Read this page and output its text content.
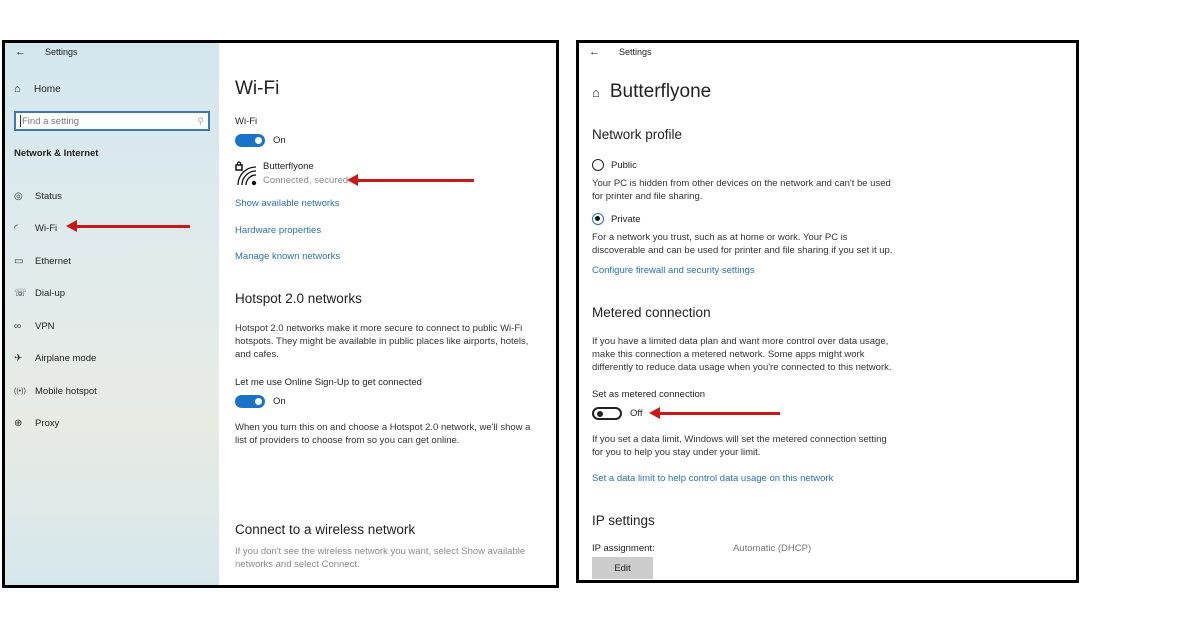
←	Settings
⌂	Home
Find a setting
⚲
Network & Internet
◎	Status
◜	Wi-Fi
▭	Ethernet
☏ Dial-up
∞	VPN
✈	Airplane mode
((•)) Mobile hotspot
⊕	Proxy
Wi-Fi
Wi-Fi
On
Butterflyone
Connected, secured
Show available networks
Hardware properties
Manage known networks
Hotspot 2.0 networks
Hotspot 2.0 networks make it more secure to connect to public Wi-Fi hotspots. They might be available in public places like airports, hotels, and cafes.
Let me use Online Sign-Up to get connected
On
When you turn this on and choose a Hotspot 2.0 network, we'll show a list of providers to choose from so you can get online.
Connect to a wireless network
If you don't see the wireless network you want, select Show available networks and select Connect.
←	Settings
⌂ Butterflyone
Network profile
Public
Your PC is hidden from other devices on the network and can't be used for printer and file sharing.
Private
For a network you trust, such as at home or work. Your PC is discoverable and can be used for printer and file sharing if you set it up.
Configure firewall and security settings
Metered connection
If you have a limited data plan and want more control over data usage, make this connection a metered network. Some apps might work differently to reduce data usage when you're connected to this network.
Set as metered connection
Off
If you set a data limit, Windows will set the metered connection setting for you to help you stay under your limit.
Set a data limit to help control data usage on this network
IP settings
IP assignment:	Automatic (DHCP)
Edit
